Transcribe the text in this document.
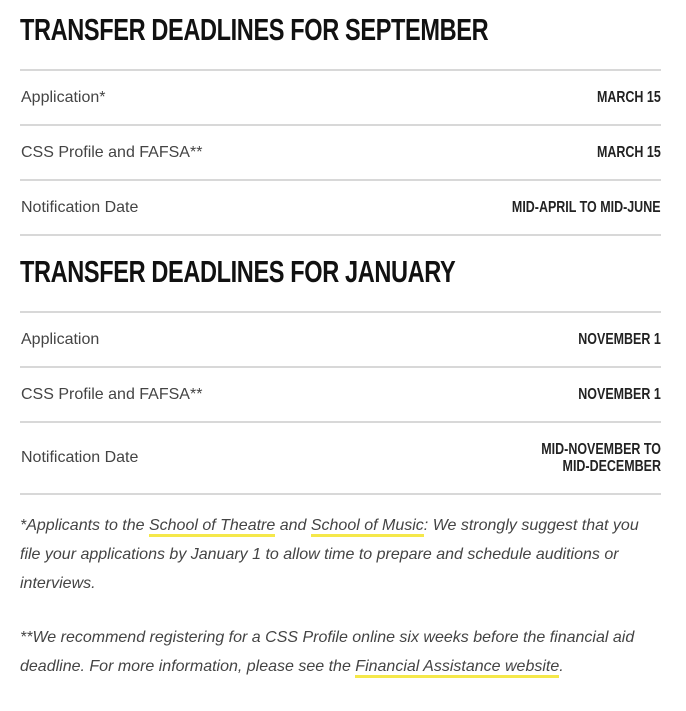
TRANSFER DEADLINES FOR SEPTEMBER
Application*	MARCH 15
CSS Profile and FAFSA**	MARCH 15
Notification Date	MID-APRIL TO MID-JUNE
TRANSFER DEADLINES FOR JANUARY
Application	NOVEMBER 1
CSS Profile and FAFSA**	NOVEMBER 1
Notification Date	MID-NOVEMBER TO MID-DECEMBER

*Applicants to the School of Theatre and School of Music: We strongly suggest that you file your applications by January 1 to allow time to prepare and schedule auditions or interviews.

**We recommend registering for a CSS Profile online six weeks before the financial aid deadline. For more information, please see the Financial Assistance website.
